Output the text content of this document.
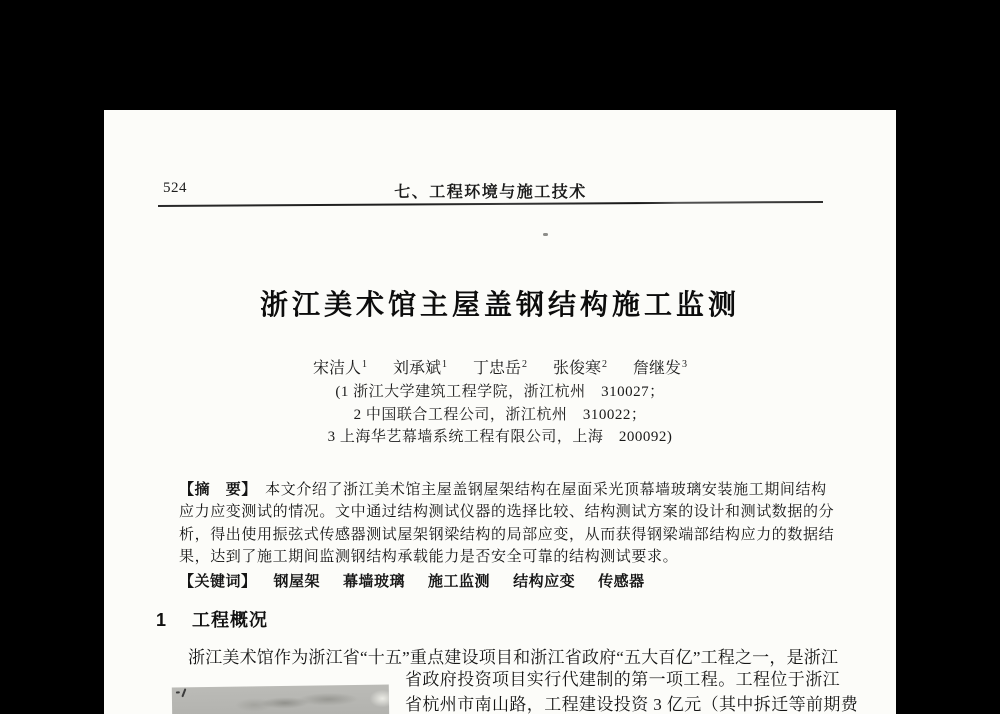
524	七、工程环境与施工技术
浙江美术馆主屋盖钢结构施工监测
宋洁人$^1$ 刘承斌$^1$ 丁忠岳$^2$ 张俊寒$^2$ 詹继发$^3$
(1 浙江大学建筑工程学院，浙江杭州　310027；
2 中国联合工程公司，浙江杭州　310022；
3 上海华艺幕墙系统工程有限公司，上海　200092)
【摘　要】　本文介绍了浙江美术馆主屋盖钢屋架结构在屋面采光顶幕墙玻璃安装施工期间结构
应力应变测试的情况。文中通过结构测试仪器的选择比较、结构测试方案的设计和测试数据的分
析，得出使用振弦式传感器测试屋架钢梁结构的局部应变，从而获得钢梁端部结构应力的数据结
果，达到了施工期间监测钢结构承载能力是否安全可靠的结构测试要求。
【关键词】 钢屋架 幕墙玻璃 施工监测 结构应变 传感器
1 工程概况
浙江美术馆作为浙江省“十五”重点建设项目和浙江省政府“五大百亿”工程之一，是浙江
省政府投资项目实行代建制的第一项工程。工程位于浙江
省杭州市南山路，工程建设投资 3 亿元（其中拆迁等前期费
